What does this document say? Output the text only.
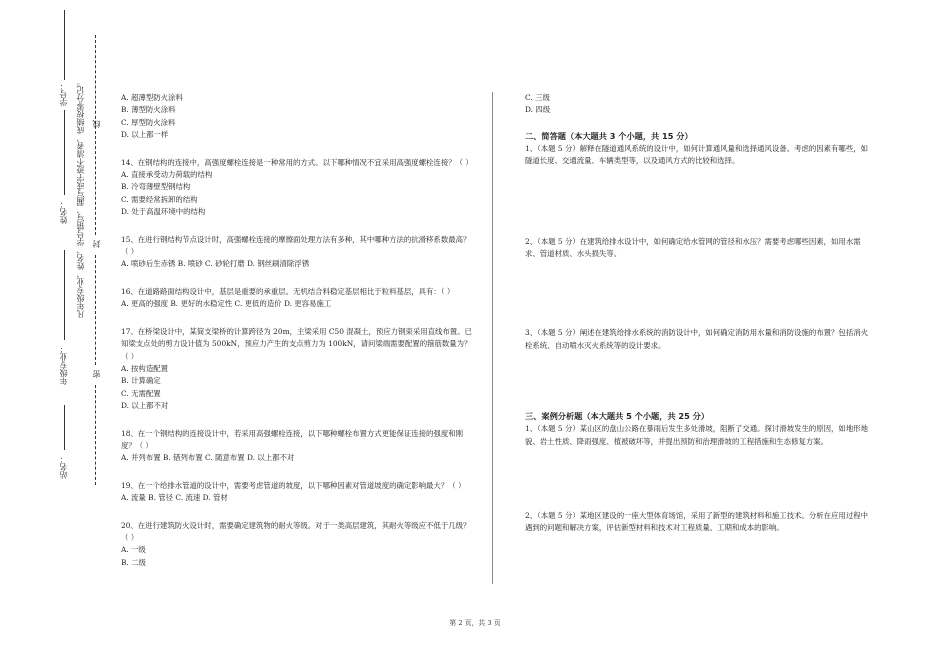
站名：
年级专业：
姓名：
学号： 凡年级专业、姓名、学号错写、漏写或字迹不清者，成绩按零分记。 封
线
密

A. 超薄型防火涂料

B. 薄型防火涂料

C. 厚型防火涂料

D. 以上都一样

14、在钢结构的连接中，高强度螺栓连接是一种常用的方式。以下哪种情况不宜采用高强度螺栓连接？（ ）

A. 直接承受动力荷载的结构

B. 冷弯薄壁型钢结构

C. 需要经常拆卸的结构

D. 处于高温环境中的结构

15、在进行钢结构节点设计时，高强螺栓连接的摩擦面处理方法有多种，其中哪种方法的抗滑移系数最高？（ ）

A. 喷砂后生赤锈 B. 喷砂 C. 砂轮打磨 D. 钢丝刷清除浮锈

16、在道路路面结构设计中，基层是重要的承重层。无机结合料稳定基层相比于粒料基层，具有：（ ）

A. 更高的强度 B. 更好的水稳定性 C. 更低的造价 D. 更容易施工

17、在桥梁设计中，某简支梁桥的计算跨径为 20m，主梁采用 C50 混凝土，预应力钢束采用直线布置。已知梁支点处的剪力设计值为 500kN，预应力产生的支点剪力为 100kN，请问梁端需要配置的箍筋数量为？（ ）

A. 按构造配置

B. 计算确定

C. 无需配置

D. 以上都不对

18、在一个钢结构的连接设计中，若采用高强螺栓连接，以下哪种螺栓布置方式更能保证连接的强度和刚度？（ ）

A. 并列布置 B. 错列布置 C. 随意布置 D. 以上都不对

19、在一个给排水管道的设计中，需要考虑管道的坡度，以下哪种因素对管道坡度的确定影响最大？（ ）

A. 流量 B. 管径 C. 流速 D. 管材

20、在进行建筑防火设计时，需要确定建筑物的耐火等级。对于一类高层建筑，其耐火等级应不低于几级？（ ）

A. 一级

B. 二级

C. 三级

D. 四级

二、简答题（本大题共 3 个小题，共 15 分）

1、（本题 5 分）解释在隧道通风系统的设计中，如何计算通风量和选择通风设备。考虑的因素有哪些，如隧道长度、交通流量、车辆类型等，以及通风方式的比较和选择。

2、（本题 5 分）在建筑给排水设计中，如何确定给水管网的管径和水压？需要考虑哪些因素，如用水需求、管道材质、水头损失等。

3、（本题 5 分）阐述在建筑给排水系统的消防设计中，如何确定消防用水量和消防设施的布置？包括消火栓系统、自动喷水灭火系统等的设计要求。

三、案例分析题（本大题共 5 个小题，共 25 分）

1、（本题 5 分）某山区的盘山公路在暴雨后发生多处滑坡，阻断了交通。探讨滑坡发生的原因，如地形地貌、岩土性质、降雨强度、植被破坏等，并提出预防和治理滑坡的工程措施和生态修复方案。

2、（本题 5 分）某地区建设的一座大型体育场馆，采用了新型的建筑材料和施工技术。分析在应用过程中遇到的问题和解决方案，评估新型材料和技术对工程质量、工期和成本的影响。

第 2 页，共 3 页
